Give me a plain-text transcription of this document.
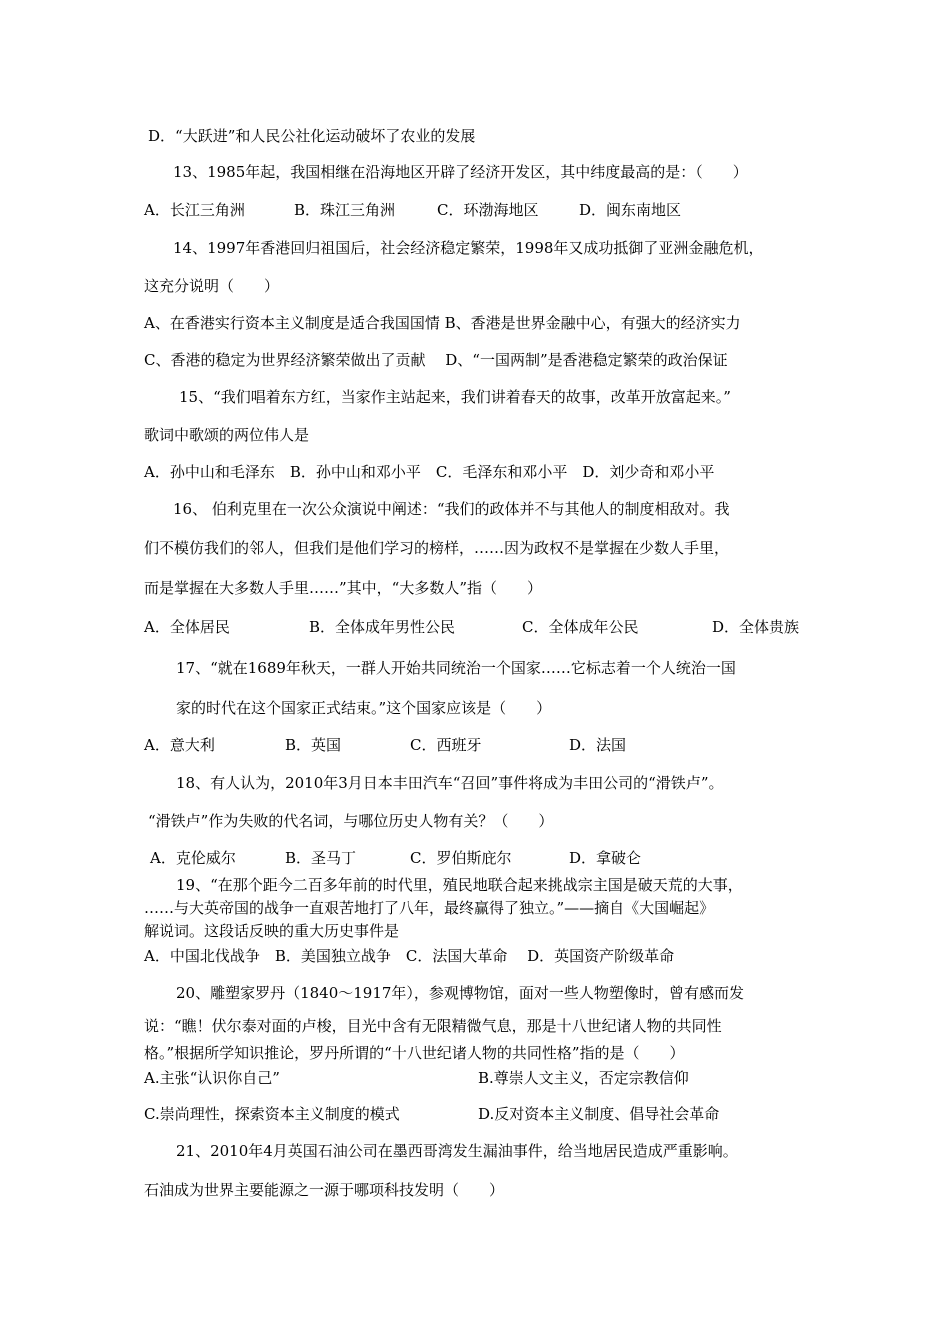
D．“大跃进”和人民公社化运动破坏了农业的发展
13、1985年起，我国相继在沿海地区开辟了经济开发区，其中纬度最高的是：（　　）
A．长江三角洲	B．珠江三角洲	C．环渤海地区	D．闽东南地区
14、1997年香港回归祖国后，社会经济稳定繁荣，1998年又成功抵御了亚洲金融危机，
这充分说明（　　）
A、在香港实行资本主义制度是适合我国国情 B、香港是世界金融中心，有强大的经济实力
C、香港的稳定为世界经济繁荣做出了贡献　 D、“一国两制”是香港稳定繁荣的政治保证
15、“我们唱着东方红，当家作主站起来，我们讲着春天的故事，改革开放富起来。”
歌词中歌颂的两位伟人是
A．孙中山和毛泽东　B．孙中山和邓小平　C．毛泽东和邓小平　D．刘少奇和邓小平
16、 伯利克里在一次公众演说中阐述：“我们的政体并不与其他人的制度相敌对。我
们不模仿我们的邻人，但我们是他们学习的榜样，……因为政权不是掌握在少数人手里，
而是掌握在大多数人手里……”其中，“大多数人”指（　　）
A．全体居民	B．全体成年男性公民	C．全体成年公民	D．全体贵族
17、“就在1689年秋天，一群人开始共同统治一个国家……它标志着一个人统治一国
家的时代在这个国家正式结束。”这个国家应该是（　　）
A．意大利	B．英国	C．西班牙	D．法国
18、有人认为，2010年3月日本丰田汽车“召回”事件将成为丰田公司的“滑铁卢”。
“滑铁卢”作为失败的代名词，与哪位历史人物有关？（　　）
A．克伦威尔	B．圣马丁	C．罗伯斯庇尔	D．拿破仑
19、“在那个距今二百多年前的时代里，殖民地联合起来挑战宗主国是破天荒的大事，
……与大英帝国的战争一直艰苦地打了八年，最终赢得了独立。”——摘自《大国崛起》
解说词。这段话反映的重大历史事件是
A．中国北伐战争　B．美国独立战争　C．法国大革命　 D．英国资产阶级革命
20、雕塑家罗丹（1840～1917年），参观博物馆，面对一些人物塑像时，曾有感而发
说：“瞧！伏尔泰对面的卢梭，目光中含有无限精微气息，那是十八世纪诸人物的共同性
格。”根据所学知识推论，罗丹所谓的“十八世纪诸人物的共同性格”指的是（　　）
A.主张“认识你自己”	B.尊崇人文主义，否定宗教信仰
C.崇尚理性，探索资本主义制度的模式	D.反对资本主义制度、倡导社会革命
21、2010年4月英国石油公司在墨西哥湾发生漏油事件，给当地居民造成严重影响。
石油成为世界主要能源之一源于哪项科技发明（　　）
